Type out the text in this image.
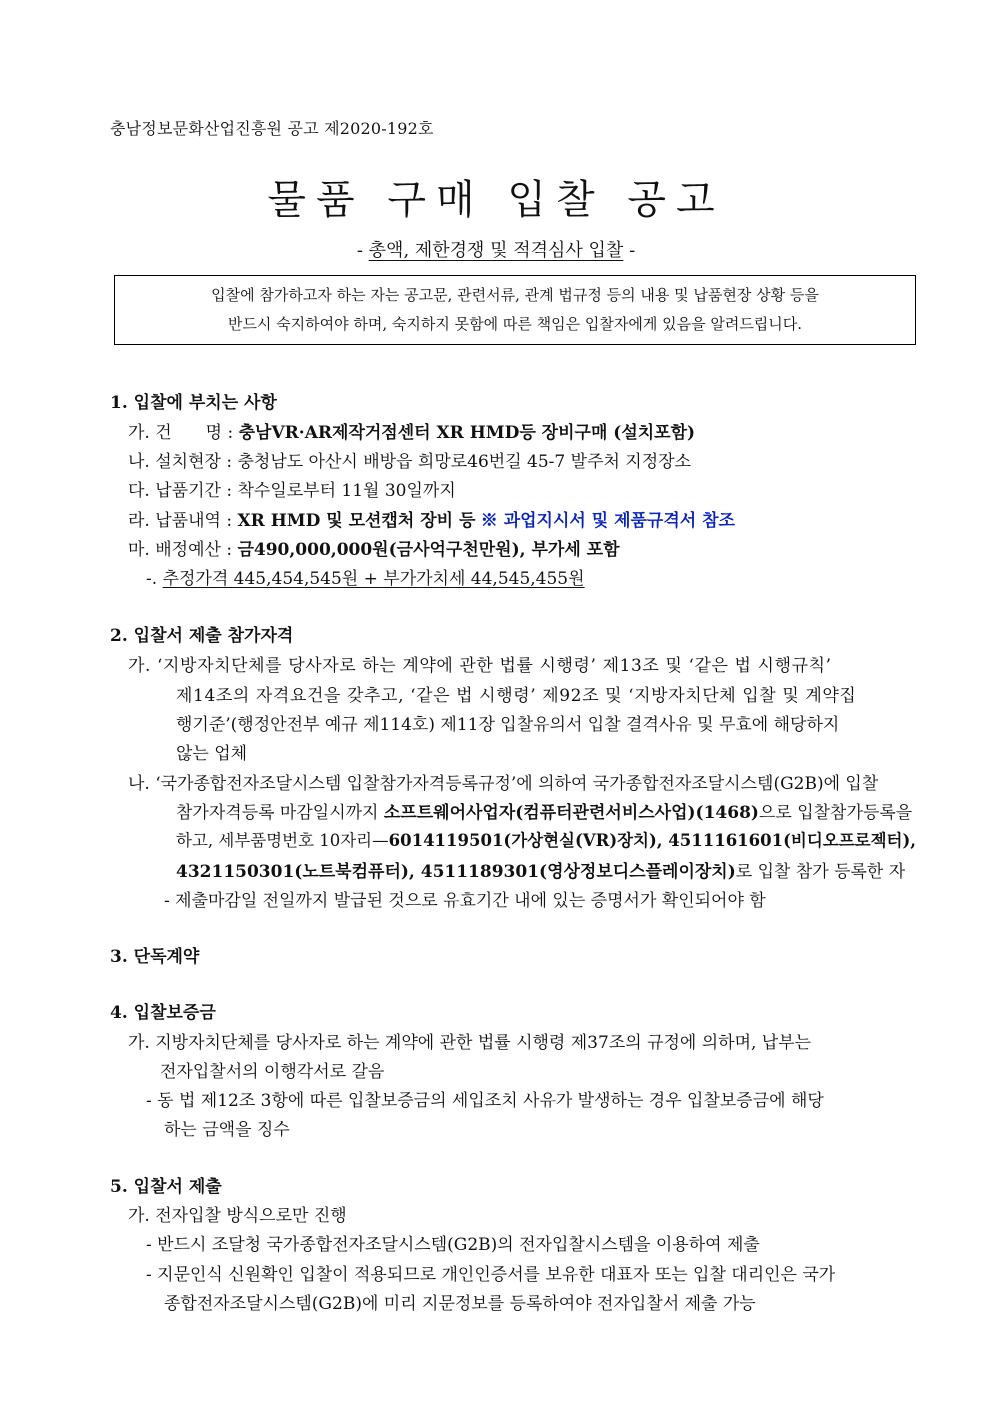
충남정보문화산업진흥원 공고 제2020-192호
물품 구매 입찰 공고
- 총액, 제한경쟁 및 적격심사 입찰 -
입찰에 참가하고자 하는 자는 공고문, 관련서류, 관계 법규정 등의 내용 및 납품현장 상황 등을
반드시 숙지하여야 하며, 숙지하지 못함에 따른 책임은 입찰자에게 있음을 알려드립니다.
1. 입찰에 부치는 사항
가. 건　　명 : 충남VR·AR제작거점센터 XR HMD등 장비구매 (설치포함)
나. 설치현장 : 충청남도 아산시 배방읍 희망로46번길 45-7 발주처 지정장소
다. 납품기간 : 착수일로부터 11월 30일까지
라. 납품내역 : XR HMD 및 모션캡처 장비 등 ※ 과업지시서 및 제품규격서 참조
마. 배정예산 : 금490,000,000원(금사억구천만원), 부가세 포함
-. 추정가격 445,454,545원 + 부가가치세 44,545,455원
2. 입찰서 제출 참가자격
가. ‘지방자치단체를 당사자로 하는 계약에 관한 법률 시행령’ 제13조 및 ‘같은 법 시행규칙’
제14조의 자격요건을 갖추고, ‘같은 법 시행령’ 제92조 및 ‘지방자치단체 입찰 및 계약집
행기준’(행정안전부 예규 제114호) 제11장 입찰유의서 입찰 결격사유 및 무효에 해당하지
않는 업체
나. ‘국가종합전자조달시스템 입찰참가자격등록규정’에 의하여 국가종합전자조달시스템(G2B)에 입찰
참가자격등록 마감일시까지 소프트웨어사업자(컴퓨터관련서비스사업)(1468)으로 입찰참가등록을
하고, 세부품명번호 10자리—6014119501(가상현실(VR)장치), 4511161601(비디오프로젝터),
4321150301(노트북컴퓨터), 4511189301(영상정보디스플레이장치)로 입찰 참가 등록한 자
- 제출마감일 전일까지 발급된 것으로 유효기간 내에 있는 증명서가 확인되어야 함
3. 단독계약
4. 입찰보증금
가. 지방자치단체를 당사자로 하는 계약에 관한 법률 시행령 제37조의 규정에 의하며, 납부는
전자입찰서의 이행각서로 갈음
- 동 법 제12조 3항에 따른 입찰보증금의 세입조치 사유가 발생하는 경우 입찰보증금에 해당
하는 금액을 징수
5. 입찰서 제출
가. 전자입찰 방식으로만 진행
- 반드시 조달청 국가종합전자조달시스템(G2B)의 전자입찰시스템을 이용하여 제출
- 지문인식 신원확인 입찰이 적용되므로 개인인증서를 보유한 대표자 또는 입찰 대리인은 국가
종합전자조달시스템(G2B)에 미리 지문정보를 등록하여야 전자입찰서 제출 가능
